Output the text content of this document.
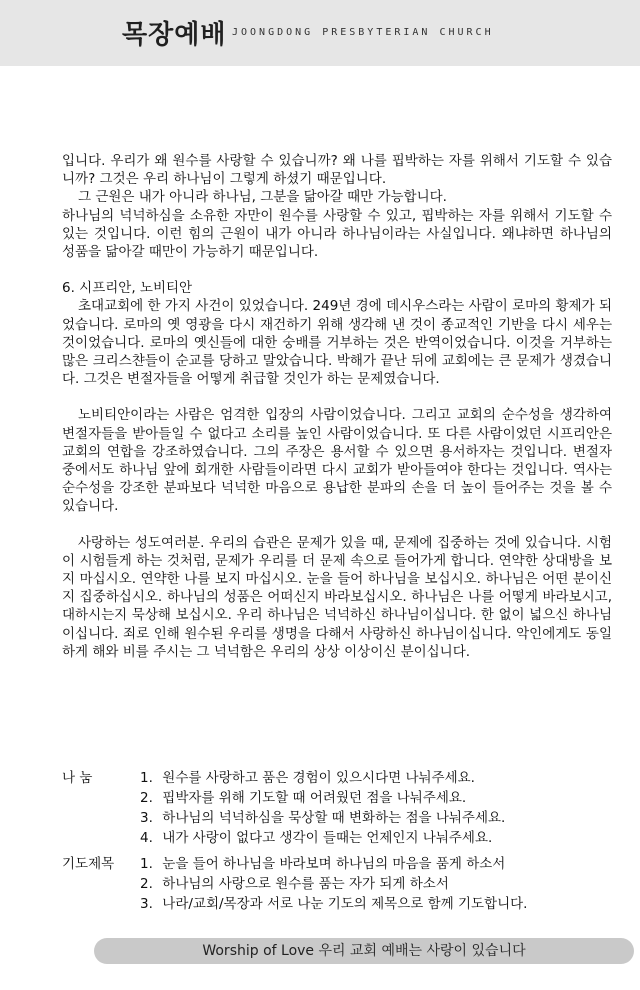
목장예배 JOONGDONG PRESBYTERIAN CHURCH

입니다. 우리가 왜 원수를 사랑할 수 있습니까? 왜 나를 핍박하는 자를 위해서 기도할 수 있습니까? 그것은 우리 하나님이 그렇게 하셨기 때문입니다.

그 근원은 내가 아니라 하나님, 그분을 닮아갈 때만 가능합니다.

하나님의 넉넉하심을 소유한 자만이 원수를 사랑할 수 있고, 핍박하는 자를 위해서 기도할 수 있는 것입니다. 이런 힘의 근원이 내가 아니라 하나님이라는 사실입니다. 왜냐하면 하나님의 성품을 닮아갈 때만이 가능하기 때문입니다.

6. 시프리안, 노비티안

초대교회에 한 가지 사건이 있었습니다. 249년 경에 데시우스라는 사람이 로마의 황제가 되었습니다. 로마의 옛 영광을 다시 재건하기 위해 생각해 낸 것이 종교적인 기반을 다시 세우는 것이었습니다. 로마의 옛신들에 대한 숭배를 거부하는 것은 반역이었습니다. 이것을 거부하는 많은 크리스챤들이 순교를 당하고 말았습니다. 박해가 끝난 뒤에 교회에는 큰 문제가 생겼습니다. 그것은 변절자들을 어떻게 취급할 것인가 하는 문제였습니다.

노비티안이라는 사람은 엄격한 입장의 사람이었습니다. 그리고 교회의 순수성을 생각하여 변절자들을 받아들일 수 없다고 소리를 높인 사람이었습니다. 또 다른 사람이었던 시프리안은 교회의 연합을 강조하였습니다. 그의 주장은 용서할 수 있으면 용서하자는 것입니다. 변절자 중에서도 하나님 앞에 회개한 사람들이라면 다시 교회가 받아들여야 한다는 것입니다. 역사는 순수성을 강조한 분파보다 넉넉한 마음으로 용납한 분파의 손을 더 높이 들어주는 것을 볼 수 있습니다.

사랑하는 성도여러분. 우리의 습관은 문제가 있을 때, 문제에 집중하는 것에 있습니다. 시험이 시험들게 하는 것처럼, 문제가 우리를 더 문제 속으로 들어가게 합니다. 연약한 상대방을 보지 마십시오. 연약한 나를 보지 마십시오. 눈을 들어 하나님을 보십시오. 하나님은 어떤 분이신지 집중하십시오. 하나님의 성품은 어떠신지 바라보십시오. 하나님은 나를 어떻게 바라보시고, 대하시는지 묵상해 보십시오. 우리 하나님은 넉넉하신 하나님이십니다. 한 없이 넓으신 하나님이십니다. 죄로 인해 원수된 우리를 생명을 다해서 사랑하신 하나님이십니다. 악인에게도 동일하게 해와 비를 주시는 그 넉넉함은 우리의 상상 이상이신 분이십니다.

나 눔	1. 원수를 사랑하고 품은 경험이 있으시다면 나눠주세요.
2. 핍박자를 위해 기도할 때 어려웠던 점을 나눠주세요.
3. 하나님의 넉넉하심을 묵상할 때 변화하는 점을 나눠주세요.
4. 내가 사랑이 없다고 생각이 들때는 언제인지 나눠주세요.
기도제목	1. 눈을 들어 하나님을 바라보며 하나님의 마음을 품게 하소서
2. 하나님의 사랑으로 원수를 품는 자가 되게 하소서
3. 나라/교회/목장과 서로 나눈 기도의 제목으로 함께 기도합니다.
Worship of Love 우리 교회 예배는 사랑이 있습니다
